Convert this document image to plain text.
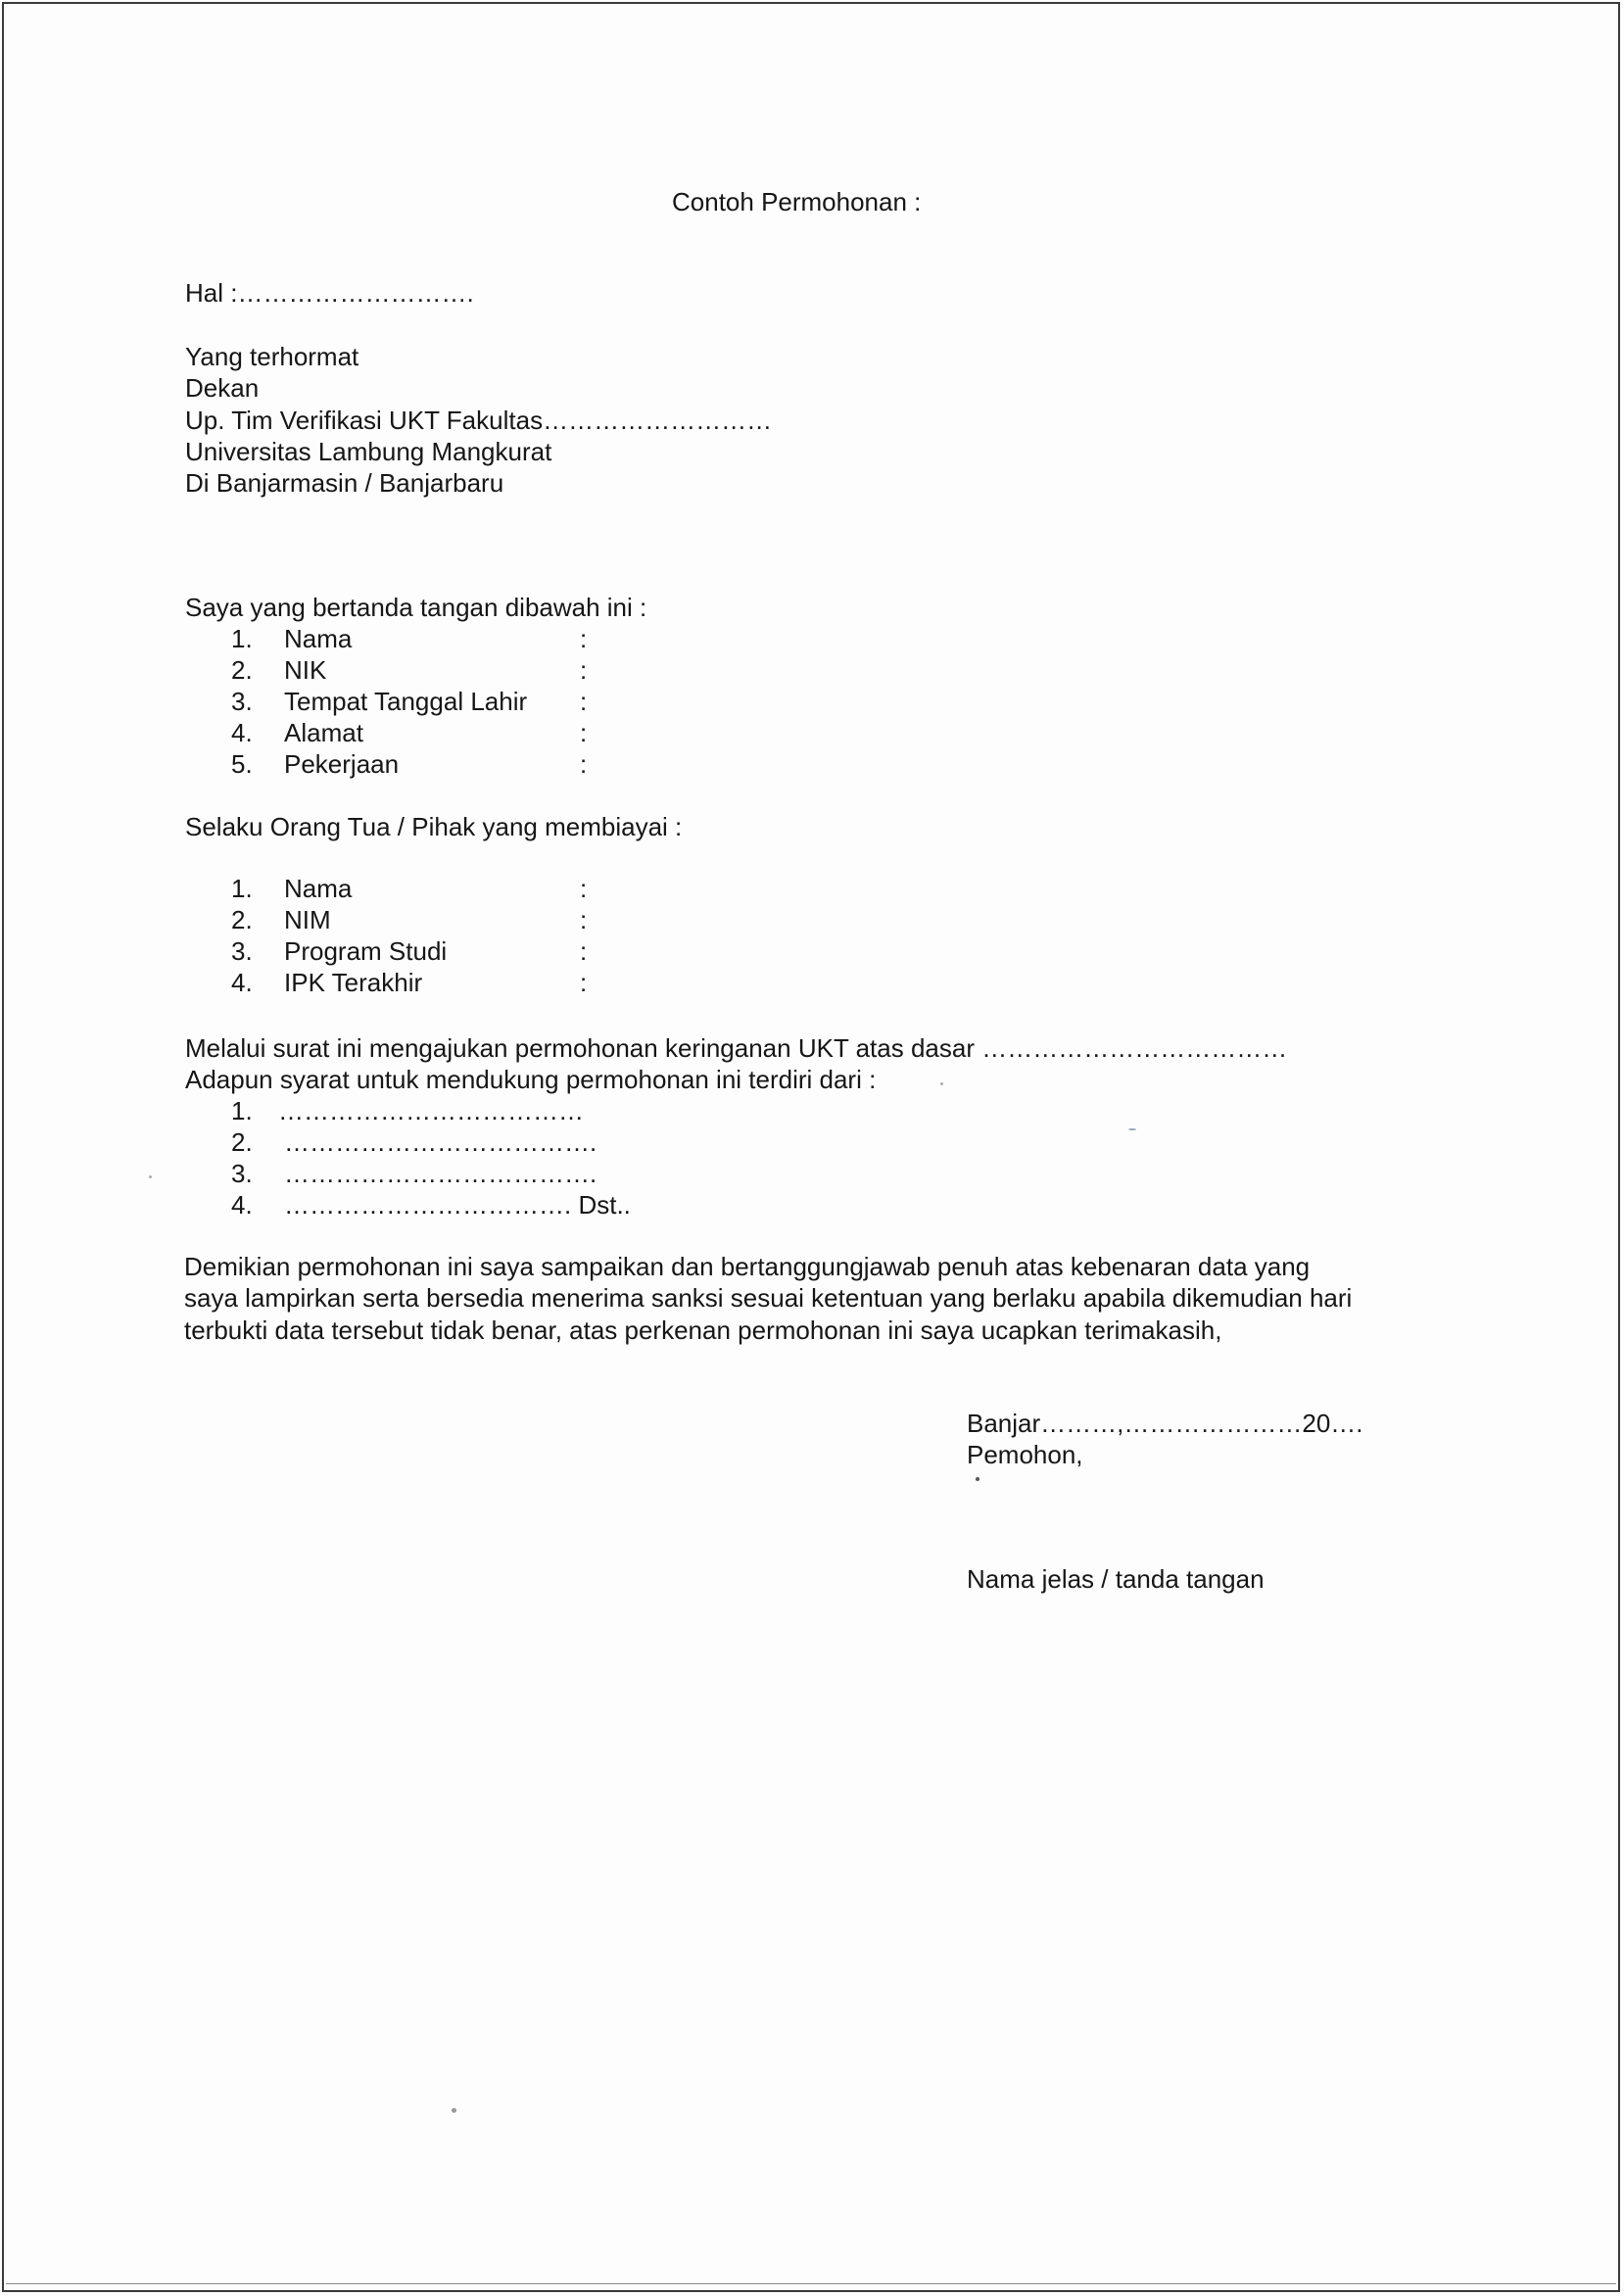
Contoh Permohonan :
Hal :……………………….
Yang terhormat
Dekan
Up. Tim Verifikasi UKT Fakultas………………………
Universitas Lambung Mangkurat
Di Banjarmasin / Banjarbaru
Saya yang bertanda tangan dibawah ini :
1.	Nama	:
2.	NIK	:
3.	Tempat Tanggal Lahir :
4.	Alamat	:
5.	Pekerjaan	:
Selaku Orang Tua / Pihak yang membiayai :
1.	Nama	:
2.	NIM	:
3.	Program Studi	:
4.	IPK Terakhir	:
Melalui surat ini mengajukan permohonan keringanan UKT atas dasar ………………………………
Adapun syarat untuk mendukung permohonan ini terdiri dari :
1.	………………………………
2.	……………………………….
3.	……………………………….
4.	……………………………. Dst..
Demikian permohonan ini saya sampaikan dan bertanggungjawab penuh atas kebenaran data yang
saya lampirkan serta bersedia menerima sanksi sesuai ketentuan yang berlaku apabila dikemudian hari
terbukti data tersebut tidak benar, atas perkenan permohonan ini saya ucapkan terimakasih,
Banjar………,…………………20….
Pemohon,
Nama jelas / tanda tangan
